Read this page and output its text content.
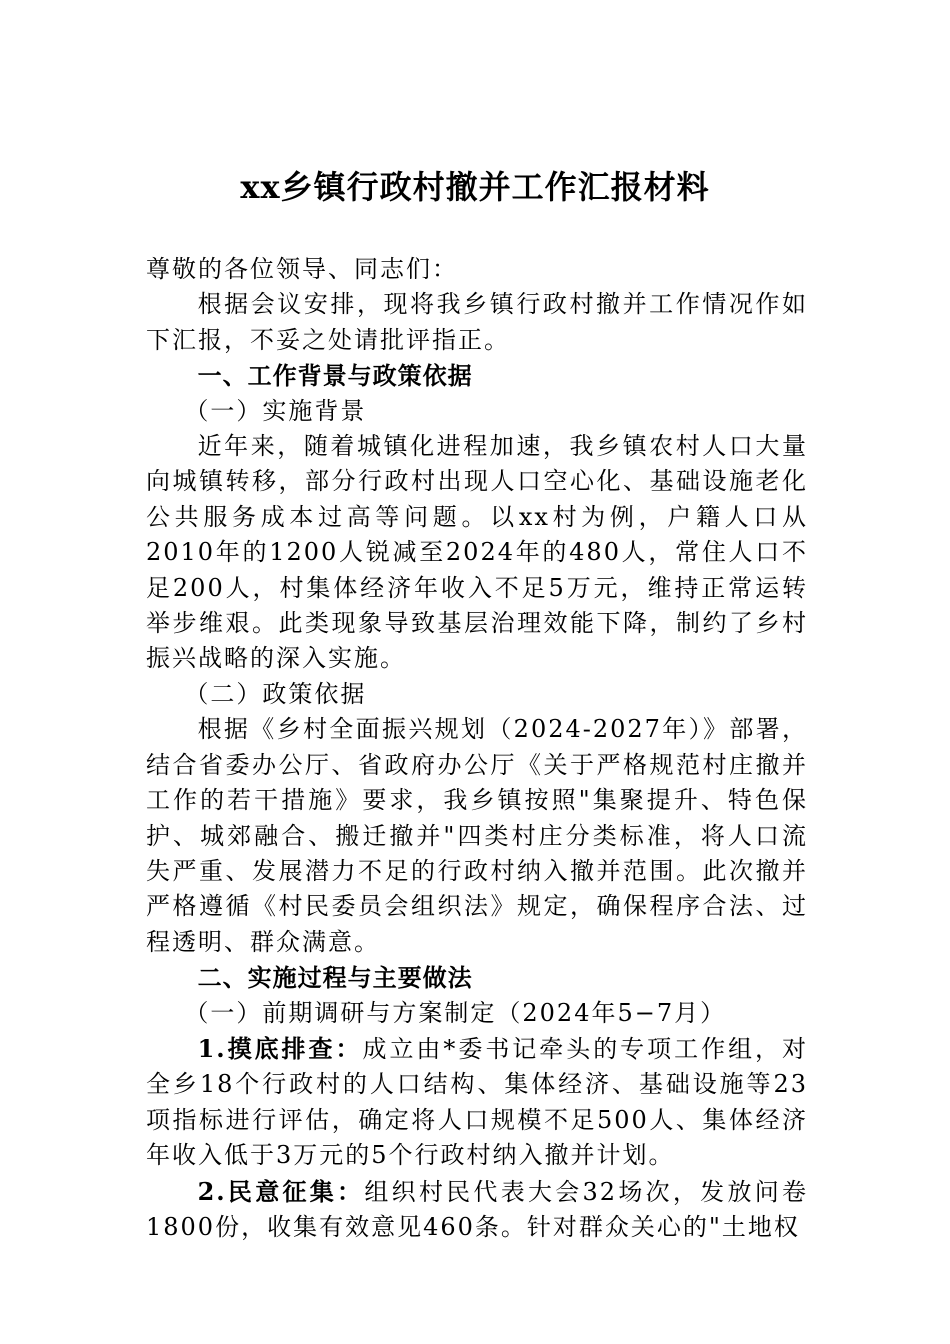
xx乡镇行政村撤并工作汇报材料

尊敬的各位领导、同志们：

根据会议安排，现将我乡镇行政村撤并工作情况作如下汇报，不妥之处请批评指正。

一、工作背景与政策依据

（一）实施背景

近年来，随着城镇化进程加速，我乡镇农村人口大量向城镇转移，部分行政村出现人口空心化、基础设施老化公共服务成本过高等问题。以xx村为例，户籍人口从2010年的1200人锐减至2024年的480人，常住人口不足200人，村集体经济年收入不足5万元，维持正常运转举步维艰。此类现象导致基层治理效能下降，制约了乡村振兴战略的深入实施。

（二）政策依据

根据《乡村全面振兴规划（2024-2027年）》部署，结合省委办公厅、省政府办公厅《关于严格规范村庄撤并工作的若干措施》要求，我乡镇按照"集聚提升、特色保护、城郊融合、搬迁撤并"四类村庄分类标准，将人口流失严重、发展潜力不足的行政村纳入撤并范围。此次撤并严格遵循《村民委员会组织法》规定，确保程序合法、过程透明、群众满意。

二、实施过程与主要做法

（一）前期调研与方案制定（2024年5−7月）

1.摸底排查：成立由*委书记牵头的专项工作组，对全乡18个行政村的人口结构、集体经济、基础设施等23项指标进行评估，确定将人口规模不足500人、集体经济年收入低于3万元的5个行政村纳入撤并计划。

2.民意征集：组织村民代表大会32场次，发放问卷1800份，收集有效意见460条。针对群众关心的"土地权
